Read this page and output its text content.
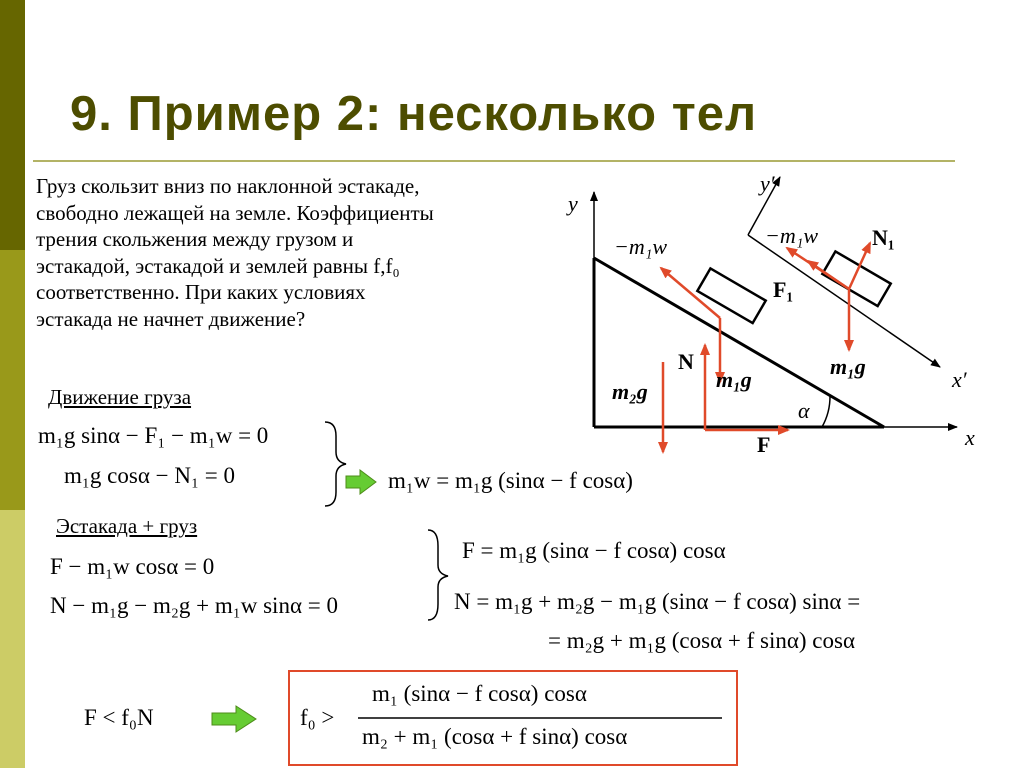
9. Пример 2: несколько тел
Груз скользит вниз по наклонной эстакаде,
свободно лежащей на земле. Коэффициенты
трения скольжения между грузом и
эстакадой, эстакадой и землей равны f,f₀
соответственно. При каких условиях
эстакада не начнет движение?
y
x
y′
x′
−m₁w	−m₁w N₁
F₁
N
m₁g
m₁g
m₂g
α
F
Движение груза
m₁g sinα − F₁ − m₁w = 0
m₁g cosα − N₁ = 0	m₁w = m₁g (sinα − f cosα)
Эстакада + груз
F − m₁w cosα = 0
N − m₁g − m₂g + m₁w sinα = 0
F = m₁g (sinα − f cosα) cosα
N = m₁g + m₂g − m₁g (sinα − f cosα) sinα =
= m₂g + m₁g (cosα + f sinα) cosα
F < f₀N	f₀ >
m₁ (sinα − f cosα) cosα
m₂ + m₁ (cosα + f sinα) cosα
